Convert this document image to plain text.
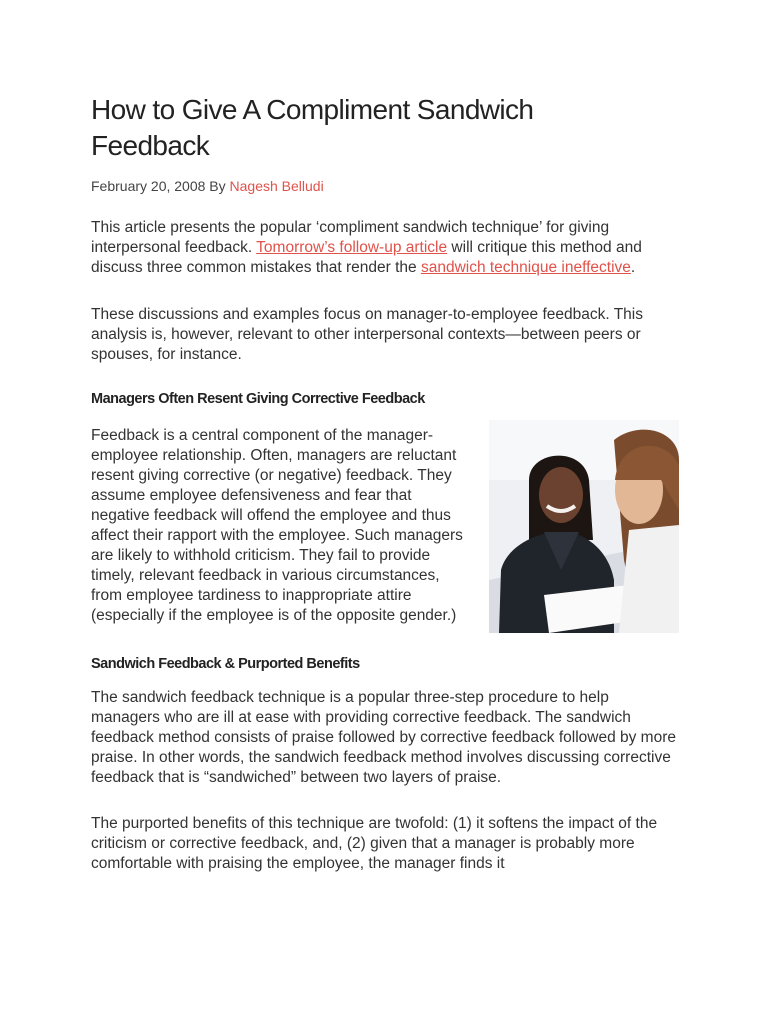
How to Give A Compliment Sandwich Feedback
February 20, 2008 By Nagesh Belludi

This article presents the popular ‘compliment sandwich technique’ for giving interpersonal feedback. Tomorrow’s follow-up article will critique this method and discuss three common mistakes that render the sandwich technique ineffective.

These discussions and examples focus on manager-to-employee feedback. This analysis is, however, relevant to other interpersonal contexts—between peers or spouses, for instance.

Managers Often Resent Giving Corrective Feedback

Feedback is a central component of the manager-employee relationship. Often, managers are reluctant resent giving corrective (or negative) feedback. They assume employee defensiveness and fear that negative feedback will offend the employee and thus affect their rapport with the employee. Such managers are likely to withhold criticism. They fail to provide timely, relevant feedback in various circumstances, from employee tardiness to inappropriate attire (especially if the employee is of the opposite gender.)

Sandwich Feedback & Purported Benefits

The sandwich feedback technique is a popular three-step procedure to help managers who are ill at ease with providing corrective feedback. The sandwich feedback method consists of praise followed by corrective feedback followed by more praise. In other words, the sandwich feedback method involves discussing corrective feedback that is “sandwiched” between two layers of praise.

The purported benefits of this technique are twofold: (1) it softens the impact of the criticism or corrective feedback, and, (2) given that a manager is probably more comfortable with praising the employee, the manager finds it
